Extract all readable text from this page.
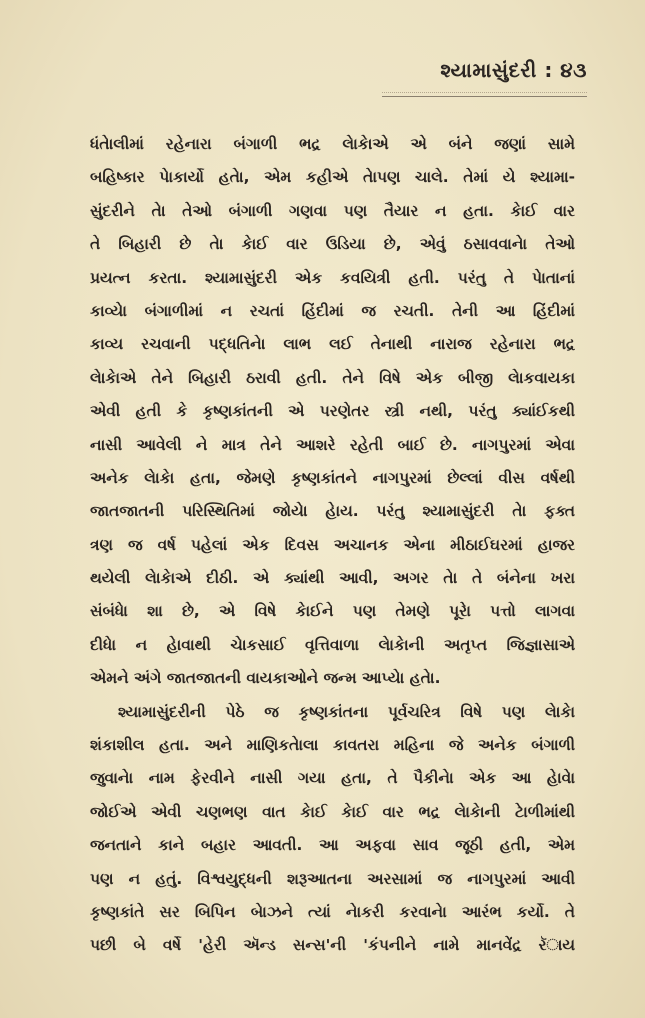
શ્યામાસુંદરી : ૪૩
ધંતેાલીમાં રહેનારા બંગાળી ભદ્ર લેાકેાએ એ બંને જણાં સામે
બહિષ્કાર પેાકાર્યો હતેા, એમ કહીએ તેાપણ ચાલે. તેમાં યે શ્યામા-
સુંદરીને તેા તેઓ બંગાળી ગણવા પણ તૈયાર ન હતા. કેાઈ વાર
તે બિહારી છે તેા કેાઈ વાર ઉડિયા છે, એવું ઠસાવવાનેા તેઓ
પ્રયત્ન કરતા. શ્યામાસુંદરી એક કવયિત્રી હતી. પરંતુ તે પેાતાનાં
કાવ્યેા બંગાળીમાં ન રચતાં હિંદીમાં જ રચતી. તેની આ હિંદીમાં
કાવ્ય રચવાની પદ્ધતિનેા લાભ લઈ તેનાથી નારાજ રહેનારા ભદ્ર
લેાકેાએ તેને બિહારી ઠરાવી હતી. તેને વિષે એક બીજી લેાકવાયકા
એવી હતી કે કૃષ્ણકાંતની એ પરણેતર સ્ત્રી નથી, પરંતુ ક્યાંઈકથી
નાસી આવેલી ને માત્ર તેને આશરે રહેતી બાઈ છે. નાગપુરમાં એવા
અનેક લેાકેા હતા, જેમણે કૃષ્ણકાંતને નાગપુરમાં છેલ્લાં વીસ વર્ષથી
જાતજાતની પરિસ્થિતિમાં જોયેા હેાય. પરંતુ શ્યામાસુંદરી તેા ફક્ત
ત્રણ જ વર્ષ પહેલાં એક દિવસ અચાનક એના મીઠાઈઘરમાં હાજર
થયેલી લેાકેાએ દીઠી. એ ક્યાંથી આવી, અગર તેા તે બંનેના ખરા
સંબંધેા શા છે, એ વિષે કેાઈને પણ તેમણે પૂરેા પત્તો લાગવા
દીધેા ન હેાવાથી ચેાકસાઈ વૃત્તિવાળા લેાકેાની અતૃપ્ત જિજ્ઞાસાએ
એમને અંગે જાતજાતની વાયકાઓને જન્મ આપ્યેા હતેા.
શ્યામાસુંદરીની પેઠે જ કૃષ્ણકાંતના પૂર્વચરિત્ર વિષે પણ લેાકેા
શંકાશીલ હતા. અને માણિકતેાલા કાવતરા મહિના જે અનેક બંગાળી
જુવાનેા નામ ફેરવીને નાસી ગયા હતા, તે પૈકીનેા એક આ હેાવેા
જોઈએ એવી ચણભણ વાત કેાઈ કેાઈ વાર ભદ્ર લેાકેાની ટેાળીમાંથી
જનતાને કાને બહાર આવતી. આ અફવા સાવ જૂઠી હતી, એમ
પણ ન હતું. વિશ્વયુદ્ધની શરૂઆતના અરસામાં જ નાગપુરમાં આવી
કૃષ્ણકાંતે સર બિપિન બેાઝને ત્યાં નેાકરી કરવાનેા આરંભ કર્યો. તે
પછી બે વર્ષે 'હેરી ઍન્ડ સન્સ'ની 'કંપનીને નામે માનવેંદ્ર રૅાય
